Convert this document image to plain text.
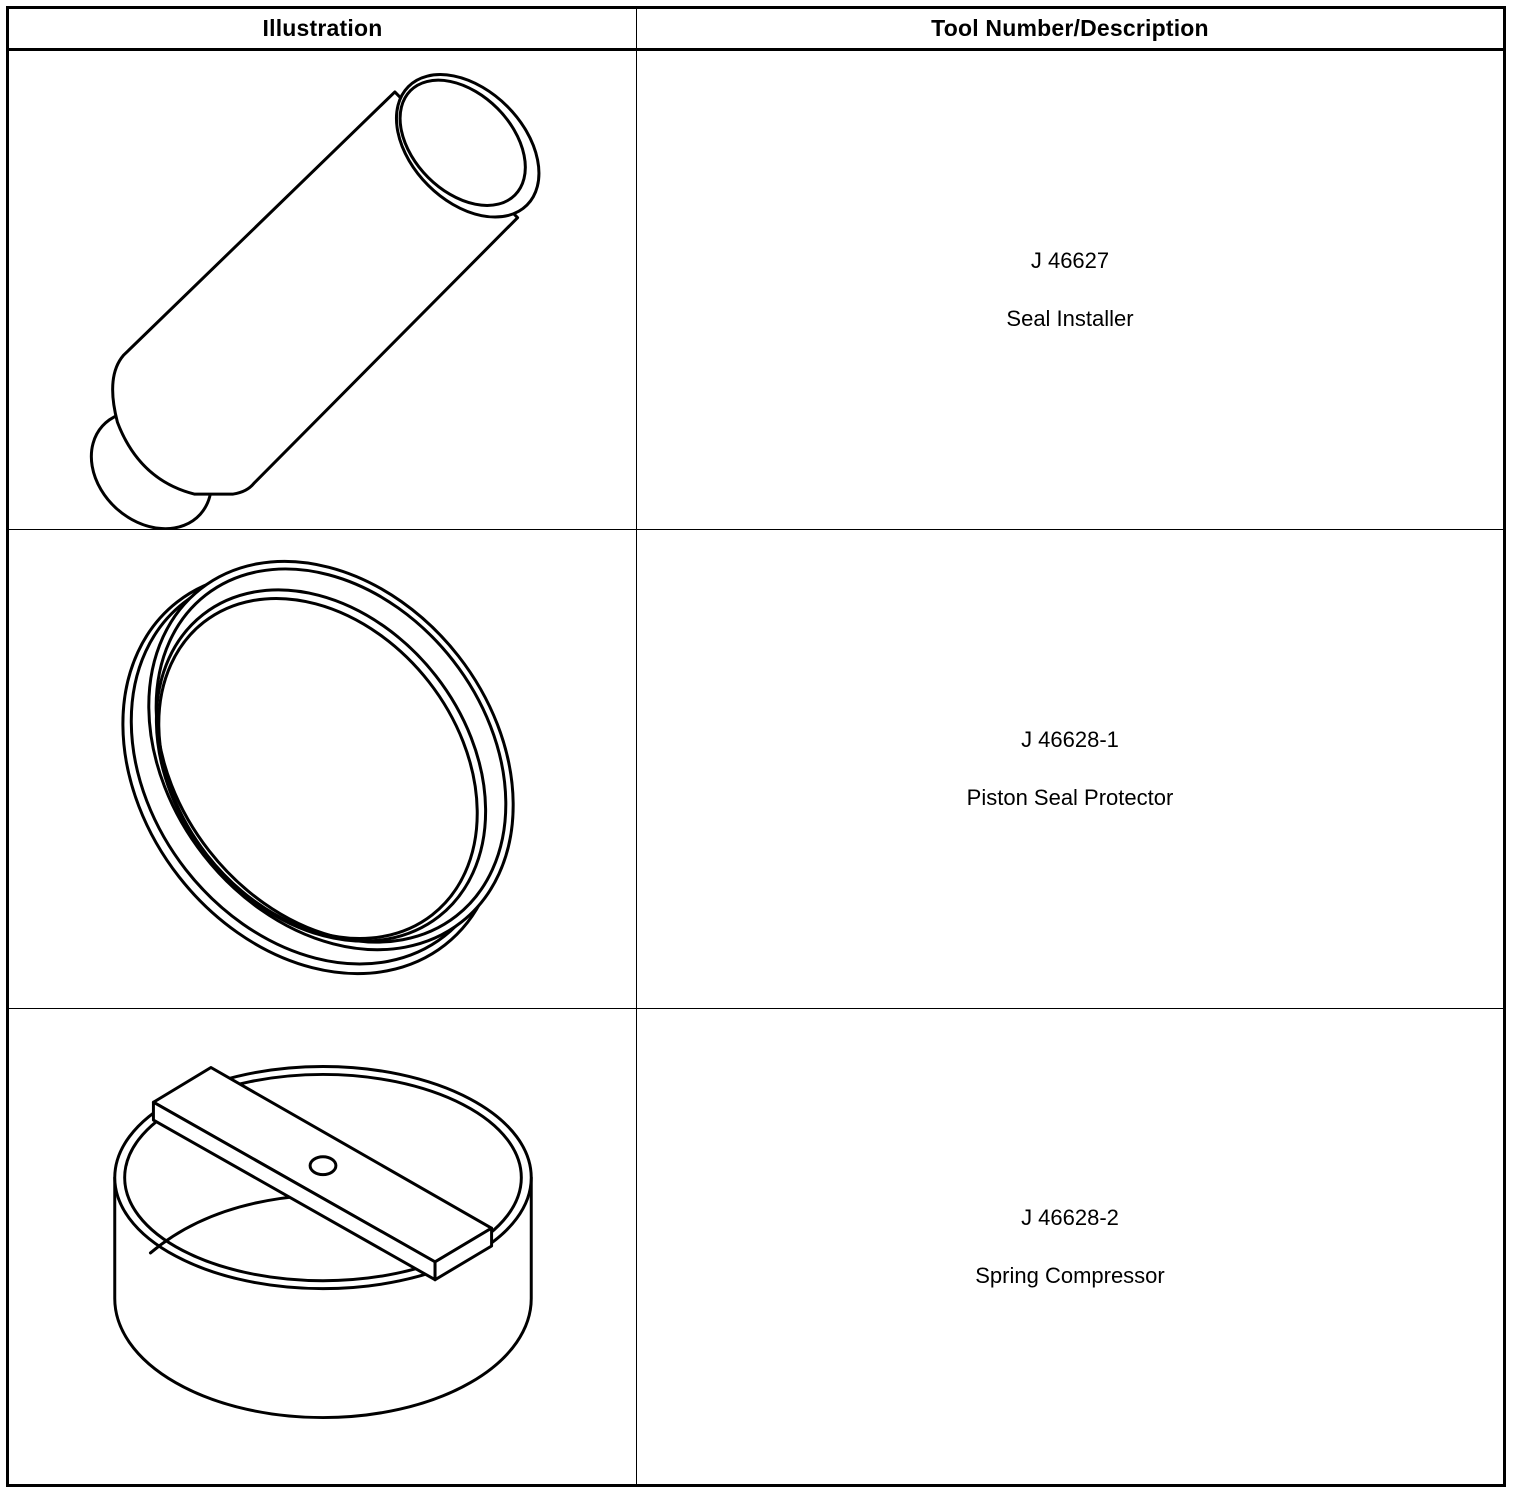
Illustration	Tool Number/Description
J 46627
Seal Installer
J 46628-1
Piston Seal Protector
J 46628-2
Spring Compressor
